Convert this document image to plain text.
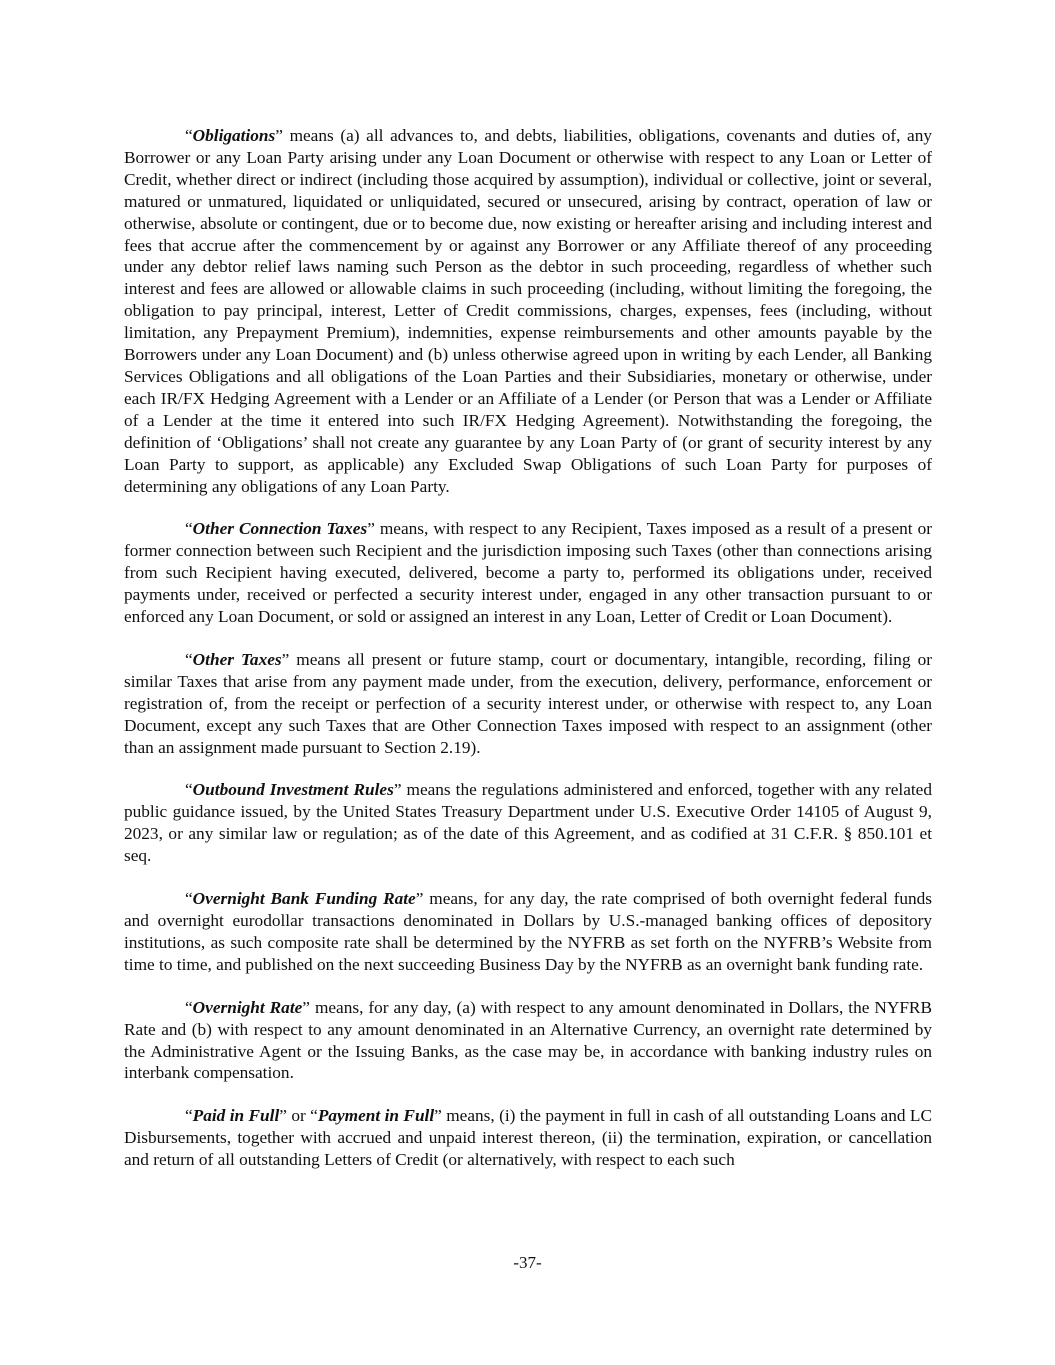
“Obligations” means (a) all advances to, and debts, liabilities, obligations, covenants and duties of, any Borrower or any Loan Party arising under any Loan Document or otherwise with respect to any Loan or Letter of Credit, whether direct or indirect (including those acquired by assumption), individual or collective, joint or several, matured or unmatured, liquidated or unliquidated, secured or unsecured, arising by contract, operation of law or otherwise, absolute or contingent, due or to become due, now existing or hereafter arising and including interest and fees that accrue after the commencement by or against any Borrower or any Affiliate thereof of any proceeding under any debtor relief laws naming such Person as the debtor in such proceeding, regardless of whether such interest and fees are allowed or allowable claims in such proceeding (including, without limiting the foregoing, the obligation to pay principal, interest, Letter of Credit commissions, charges, expenses, fees (including, without limitation, any Prepayment Premium), indemnities, expense reimbursements and other amounts payable by the Borrowers under any Loan Document) and (b) unless otherwise agreed upon in writing by each Lender, all Banking Services Obligations and all obligations of the Loan Parties and their Subsidiaries, monetary or otherwise, under each IR/FX Hedging Agreement with a Lender or an Affiliate of a Lender (or Person that was a Lender or Affiliate of a Lender at the time it entered into such IR/FX Hedging Agreement). Notwithstanding the foregoing, the definition of ‘Obligations’ shall not create any guarantee by any Loan Party of (or grant of security interest by any Loan Party to support, as applicable) any Excluded Swap Obligations of such Loan Party for purposes of determining any obligations of any Loan Party.

“Other Connection Taxes” means, with respect to any Recipient, Taxes imposed as a result of a present or former connection between such Recipient and the jurisdiction imposing such Taxes (other than connections arising from such Recipient having executed, delivered, become a party to, performed its obligations under, received payments under, received or perfected a security interest under, engaged in any other transaction pursuant to or enforced any Loan Document, or sold or assigned an interest in any Loan, Letter of Credit or Loan Document).

“Other Taxes” means all present or future stamp, court or documentary, intangible, recording, filing or similar Taxes that arise from any payment made under, from the execution, delivery, performance, enforcement or registration of, from the receipt or perfection of a security interest under, or otherwise with respect to, any Loan Document, except any such Taxes that are Other Connection Taxes imposed with respect to an assignment (other than an assignment made pursuant to Section 2.19).

“Outbound Investment Rules” means the regulations administered and enforced, together with any related public guidance issued, by the United States Treasury Department under U.S. Executive Order 14105 of August 9, 2023, or any similar law or regulation; as of the date of this Agreement, and as codified at 31 C.F.R. § 850.101 et seq.

“Overnight Bank Funding Rate” means, for any day, the rate comprised of both overnight federal funds and overnight eurodollar transactions denominated in Dollars by U.S.-managed banking offices of depository institutions, as such composite rate shall be determined by the NYFRB as set forth on the NYFRB’s Website from time to time, and published on the next succeeding Business Day by the NYFRB as an overnight bank funding rate.

“Overnight Rate” means, for any day, (a) with respect to any amount denominated in Dollars, the NYFRB Rate and (b) with respect to any amount denominated in an Alternative Currency, an overnight rate determined by the Administrative Agent or the Issuing Banks, as the case may be, in accordance with banking industry rules on interbank compensation.

“Paid in Full” or “Payment in Full” means, (i) the payment in full in cash of all outstanding Loans and LC Disbursements, together with accrued and unpaid interest thereon, (ii) the termination, expiration, or cancellation and return of all outstanding Letters of Credit (or alternatively, with respect to each such

-37-
